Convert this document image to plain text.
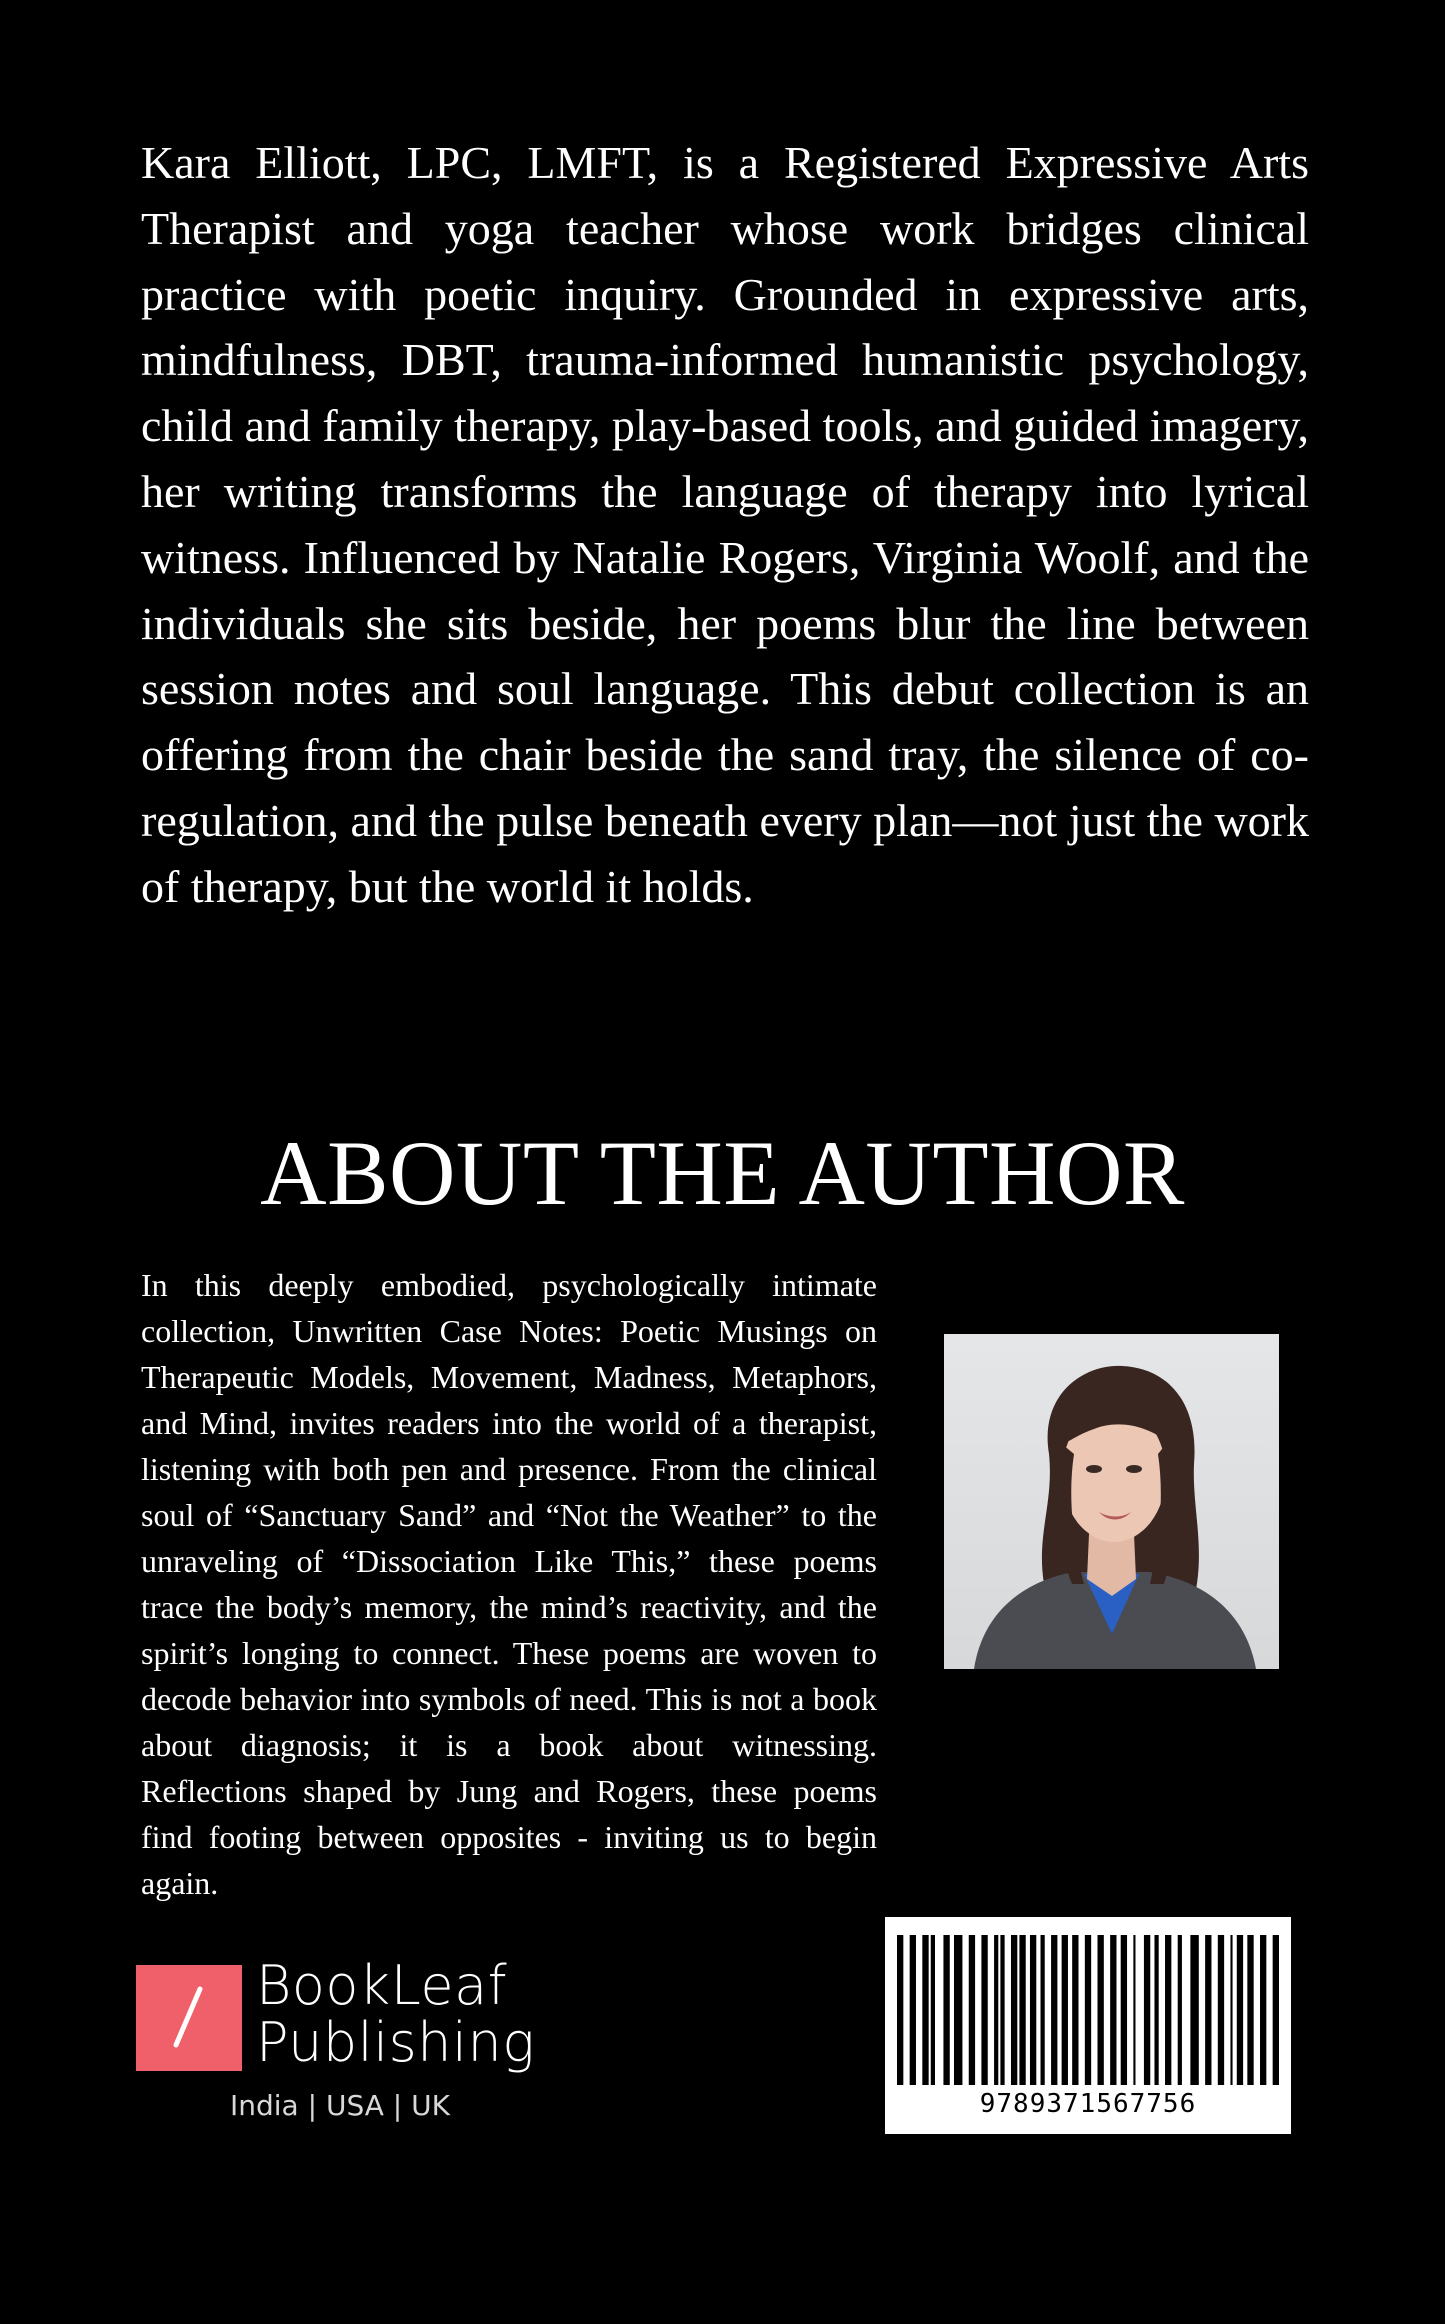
Kara Elliott, LPC, LMFT, is a Registered Expressive Arts Therapist and yoga teacher whose work bridges clinical practice with poetic inquiry. Grounded in expressive arts, mindfulness, DBT, trauma-informed humanistic psychology, child and family therapy, play-based tools, and guided imagery, her writing transforms the language of therapy into lyrical witness. Influenced by Natalie Rogers, Virginia Woolf, and the individuals she sits beside, her poems blur the line between session notes and soul language. This debut collection is an offering from the chair beside the sand tray, the silence of co-regulation, and the pulse beneath every plan—not just the work of therapy, but the world it holds.

ABOUT THE AUTHOR

In this deeply embodied, psychologically intimate collection, Unwritten Case Notes: Poetic Musings on Therapeutic Models, Movement, Madness, Metaphors, and Mind, invites readers into the world of a therapist, listening with both pen and presence. From the clinical soul of “Sanctuary Sand” and “Not the Weather” to the unraveling of “Dissociation Like This,” these poems trace the body’s memory, the mind’s reactivity, and the spirit’s longing to connect. These poems are woven to decode behavior into symbols of need. This is not a book about diagnosis; it is a book about witnessing. Reflections shaped by Jung and Rogers, these poems find footing between opposites - inviting us to begin again.

BookLeaf
Publishing
India | USA | UK	9789371567756
